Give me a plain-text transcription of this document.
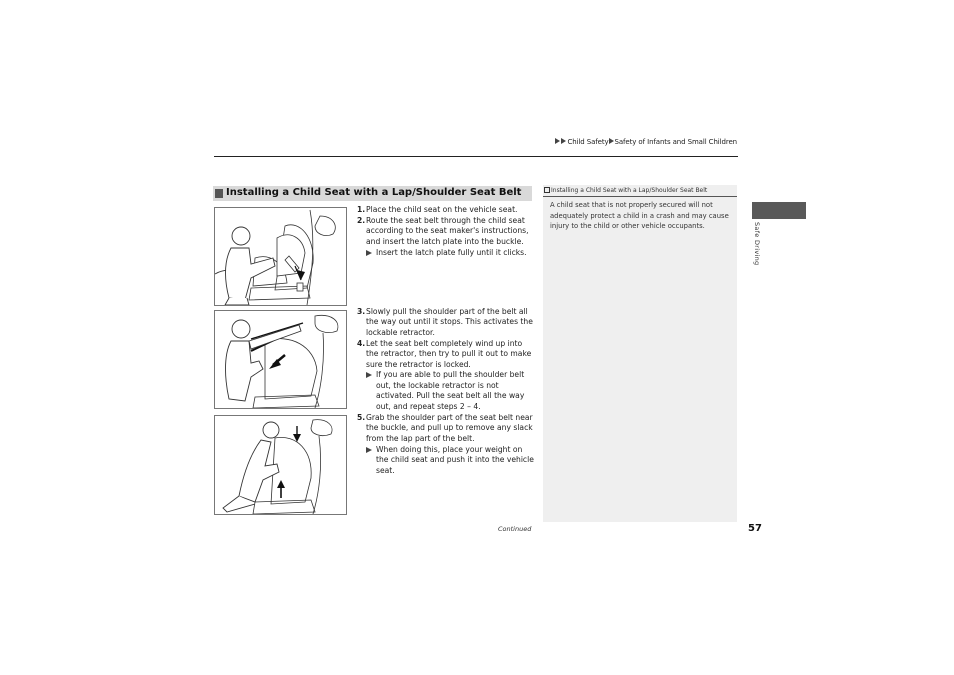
Child Safety Safety of Infants and Small Children
Installing a Child Seat with a Lap/Shoulder Seat Belt
1. Place the child seat on the vehicle seat.
2. Route the seat belt through the child seat according to the seat maker's instructions, and insert the latch plate into the buckle.
Insert the latch plate fully until it clicks.
3. Slowly pull the shoulder part of the belt all the way out until it stops. This activates the lockable retractor.
4. Let the seat belt completely wind up into the retractor, then try to pull it out to make sure the retractor is locked.
If you are able to pull the shoulder belt out, the lockable retractor is not activated. Pull the seat belt all the way out, and repeat steps 2 – 4.
5. Grab the shoulder part of the seat belt near the buckle, and pull up to remove any slack from the lap part of the belt.
When doing this, place your weight on the child seat and push it into the vehicle seat.
Installing a Child Seat with a Lap/Shoulder Seat Belt
A child seat that is not properly secured will not adequately protect a child in a crash and may cause injury to the child or other vehicle occupants.	Safe Driving
Continued	57
